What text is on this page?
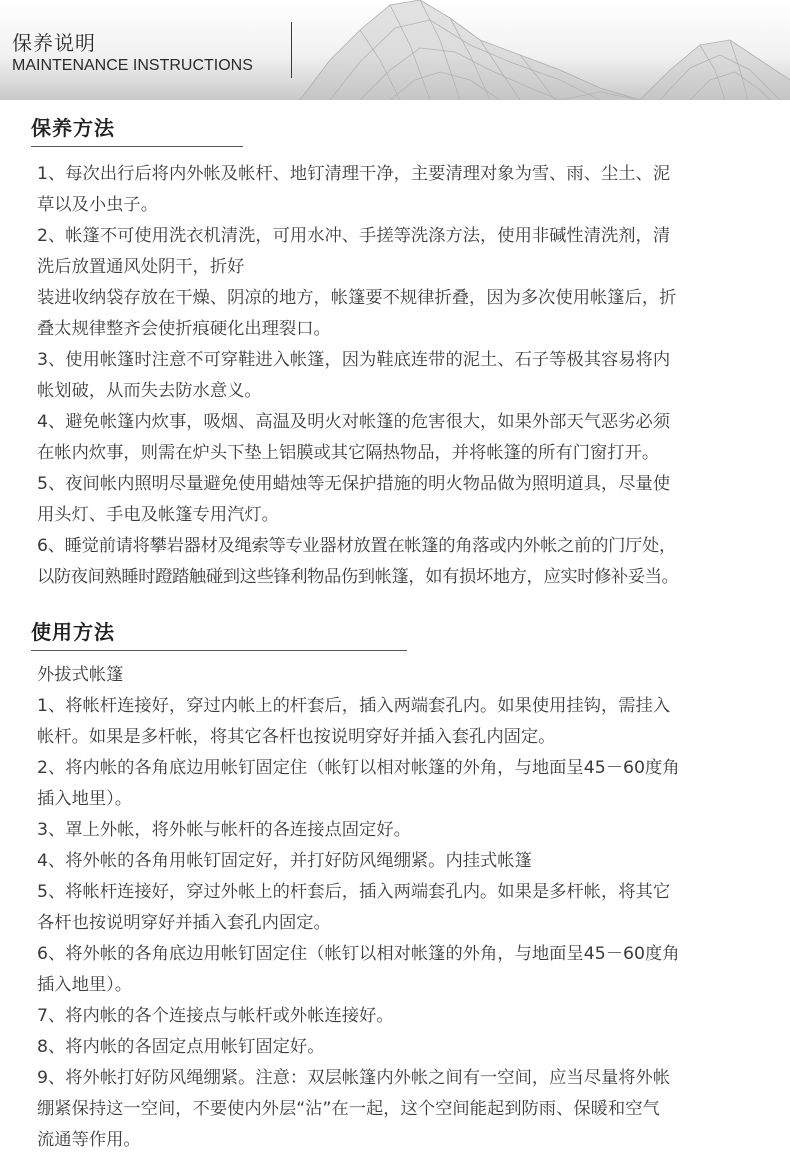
保养说明
MAINTENANCE INSTRUCTIONS
保养方法

1、每次出行后将内外帐及帐杆、地钉清理干净，主要清理对象为雪、雨、尘土、泥

草以及小虫子。

2、帐篷不可使用洗衣机清洗，可用水冲、手搓等洗涤方法，使用非碱性清洗剂，清

洗后放置通风处阴干，折好

装进收纳袋存放在干燥、阴凉的地方，帐篷要不规律折叠，因为多次使用帐篷后，折

叠太规律整齐会使折痕硬化出理裂口。

3、使用帐篷时注意不可穿鞋进入帐篷，因为鞋底连带的泥土、石子等极其容易将内

帐划破，从而失去防水意义。

4、避免帐篷内炊事，吸烟、高温及明火对帐篷的危害很大，如果外部天气恶劣必须

在帐内炊事，则需在炉头下垫上铝膜或其它隔热物品，并将帐篷的所有门窗打开。

5、夜间帐内照明尽量避免使用蜡烛等无保护措施的明火物品做为照明道具，尽量使

用头灯、手电及帐篷专用汽灯。

6、睡觉前请将攀岩器材及绳索等专业器材放置在帐篷的角落或内外帐之前的门厅处，

以防夜间熟睡时蹬踏触碰到这些锋利物品伤到帐篷，如有损坏地方，应实时修补妥当。

使用方法

外拔式帐篷

1、将帐杆连接好，穿过内帐上的杆套后，插入两端套孔内。如果使用挂钩，需挂入

帐杆。如果是多杆帐，将其它各杆也按说明穿好并插入套孔内固定。

2、将内帐的各角底边用帐钉固定住（帐钉以相对帐篷的外角，与地面呈45－60度角

插入地里）。

3、罩上外帐，将外帐与帐杆的各连接点固定好。

4、将外帐的各角用帐钉固定好，并打好防风绳绷紧。内挂式帐篷

5、将帐杆连接好，穿过外帐上的杆套后，插入两端套孔内。如果是多杆帐，将其它

各杆也按说明穿好并插入套孔内固定。

6、将外帐的各角底边用帐钉固定住（帐钉以相对帐篷的外角，与地面呈45－60度角

插入地里）。

7、将内帐的各个连接点与帐杆或外帐连接好。

8、将内帐的各固定点用帐钉固定好。

9、将外帐打好防风绳绷紧。注意：双层帐篷内外帐之间有一空间，应当尽量将外帐

绷紧保持这一空间，不要使内外层“沾”在一起，这个空间能起到防雨、保暖和空气

流通等作用。
